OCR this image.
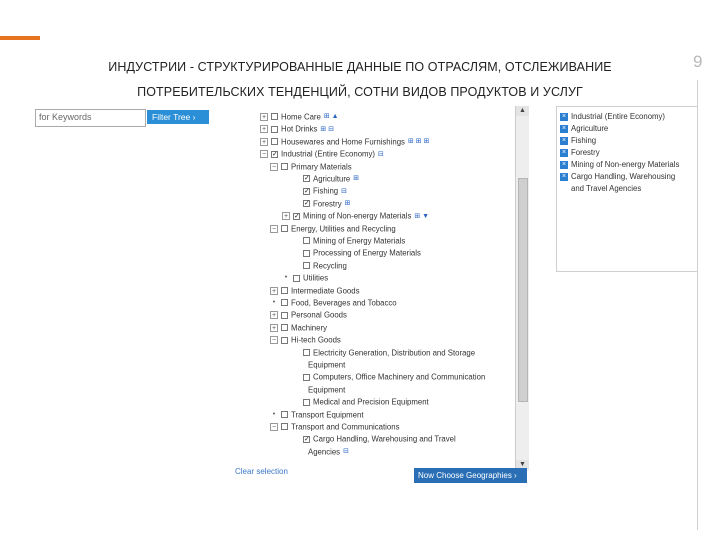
9
ИНДУСТРИИ - СТРУКТУРИРОВАННЫЕ ДАННЫЕ ПО ОТРАСЛЯМ, ОТСЛЕЖИВАНИЕ
ПОТРЕБИТЕЛЬСКИХ ТЕНДЕНЦИЙ, СОТНИ ВИДОВ ПРОДУКТОВ И УСЛУГ
for Keywords	Filter Tree ›	+ Home Care ⊞ ▲
+ Hot Drinks ⊞ ⊟
+ Housewares and Home Furnishings ⊞ ⊞ ⊞
− ✓ Industrial (Entire Economy) ⊟
− Primary Materials
✓ Agriculture ⊞
✓ Fishing ⊟
✓ Forestry ⊞
+ ✓ Mining of Non-energy Materials ⊞ ▼
− Energy, Utilities and Recycling
Mining of Energy Materials
Processing of Energy Materials
Recycling
• Utilities
+ Intermediate Goods
• Food, Beverages and Tobacco
+ Personal Goods
+ Machinery
− Hi-tech Goods
Electricity Generation, Distribution and Storage
Equipment
Computers, Office Machinery and Communication
Equipment
Medical and Precision Equipment
• Transport Equipment
− Transport and Communications
✓ Cargo Handling, Warehousing and Travel
Agencies ⊟
▲
▼
Clear selection	Now Choose Geographies ›
× Industrial (Entire Economy)
× Agriculture
× Fishing
× Forestry
× Mining of Non-energy Materials
× Cargo Handling, Warehousing
and Travel Agencies
